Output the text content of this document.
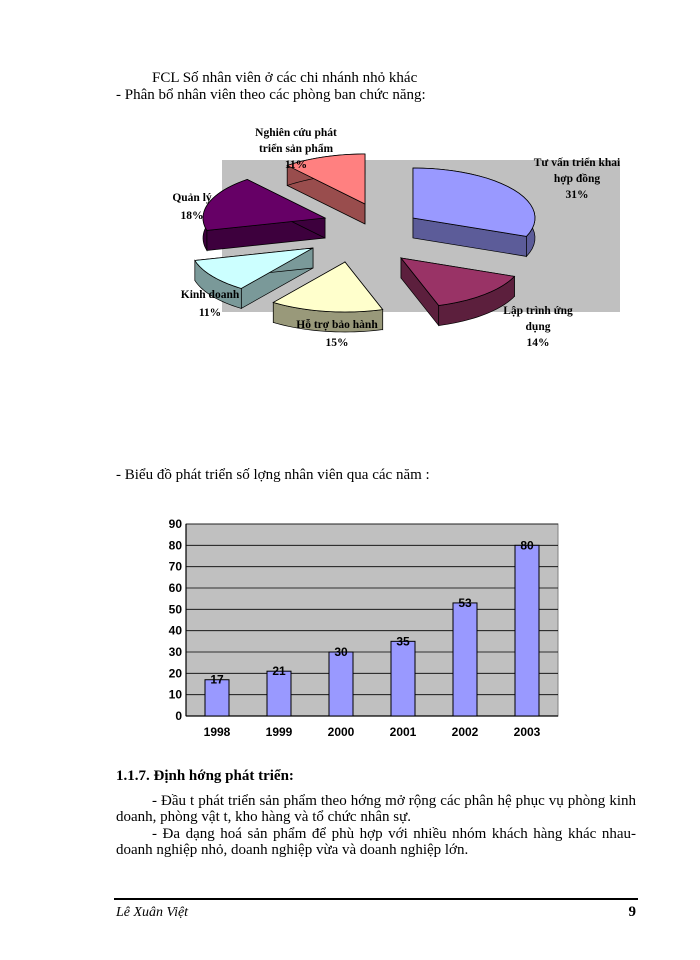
FCL Số nhân viên ở các chi nhánh nhỏ khác
- Phân bổ nhân viên theo các phòng ban chức năng:
Nghiên cứu phát triển sản phẩm 11%	Tư vấn triển khai hợp đồng 31%
Quản lý 18%
Kinh doanh 11%
Hỗ trợ bảo hành 15%
Lập trình ứng dụng 14%
- Biểu đồ phát triển số lợng nhân viên qua các năm :
0
10
20
30
40
50
60
70
80
90
17
1998
21
1999
30
2000
35
2001
53
2002
80
2003
1.1.7. Định hớng phát triển:
- Đầu t phát triển sản phẩm theo hớng mở rộng các phân hệ phục vụ phòng kinh doanh, phòng vật t, kho hàng và tổ chức nhân sự.
- Đa dạng hoá sản phẩm để phù hợp với nhiều nhóm khách hàng khác nhau- doanh nghiệp nhỏ, doanh nghiệp vừa và doanh nghiệp lớn.
Lê Xuân Việt	9
